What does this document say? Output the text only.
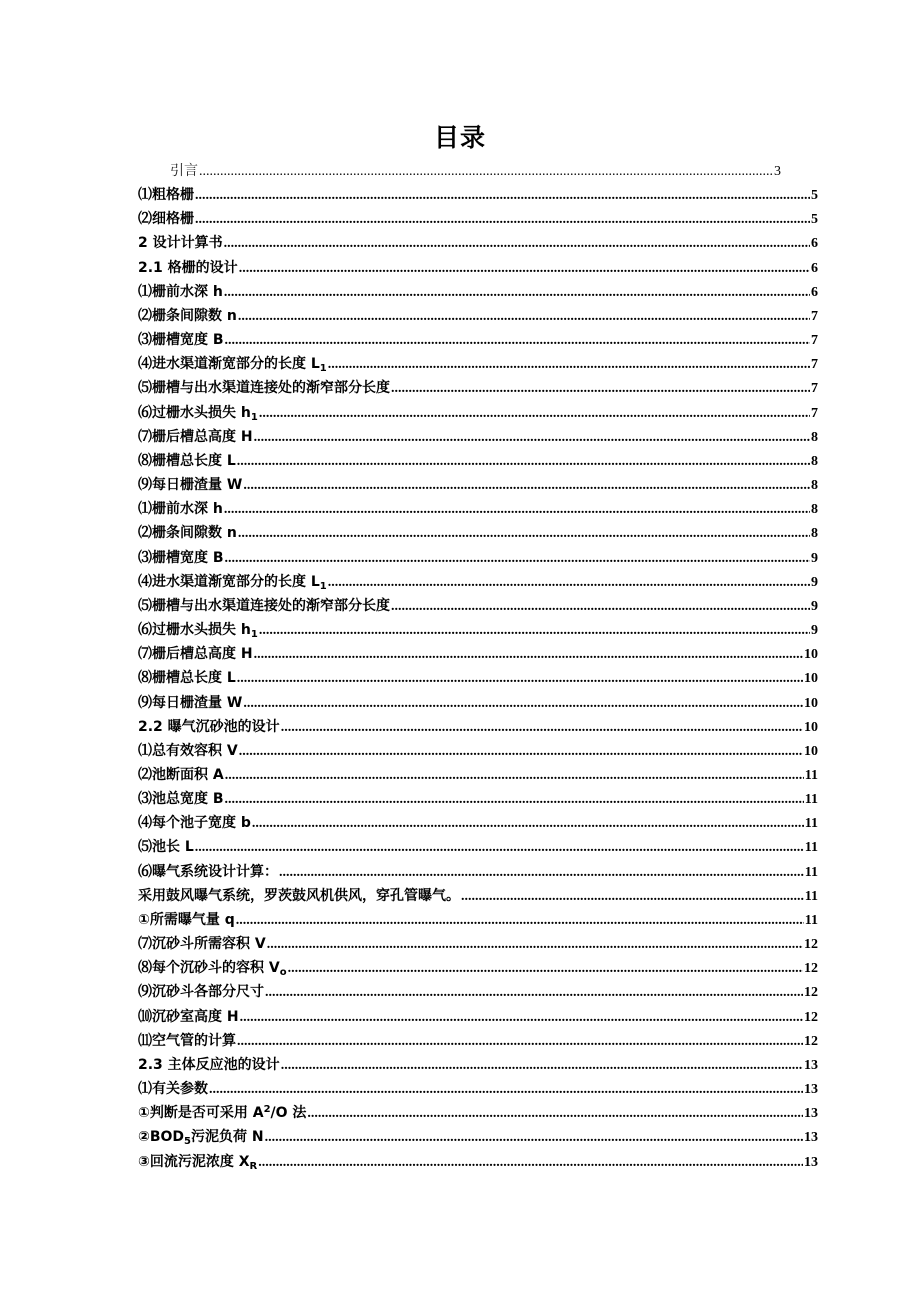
目录
引言 .....	3
⑴粗格栅 .....	5
⑵细格栅 .....	5
2 设计计算书 .....	6
2.1 格栅的设计 .....	6
⑴栅前水深 h .....	6
⑵栅条间隙数 n .....	7
⑶栅槽宽度 B .....	7
⑷进水渠道渐宽部分的长度 $L_1$ .....	7
⑸栅槽与出水渠道连接处的渐窄部分长度 .....	7
⑹过栅水头损失 $h_1$ .....	7
⑺栅后槽总高度 H .....	8
⑻栅槽总长度 L .....	8
⑼每日栅渣量 W .....	8
⑴栅前水深 h .....	8
⑵栅条间隙数 n .....	8
⑶栅槽宽度 B .....	9
⑷进水渠道渐宽部分的长度 $L_1$ .....	9
⑸栅槽与出水渠道连接处的渐窄部分长度 .....	9
⑹过栅水头损失 $h_1$ .....	9
⑺栅后槽总高度 H .....	10
⑻栅槽总长度 L .....	10
⑼每日栅渣量 W .....	10
2.2 曝气沉砂池的设计 .....	10
⑴总有效容积 V .....	10
⑵池断面积 A .....	11
⑶池总宽度 B .....	11
⑷每个池子宽度 b .....	11
⑸池长 L .....	11
⑹曝气系统设计计算： .....	11
采用鼓风曝气系统，罗茨鼓风机供风，穿孔管曝气。 .....	11
①所需曝气量 q .....	11
⑺沉砂斗所需容积 V .....	12
⑻每个沉砂斗的容积 $V_o$ .....	12
⑼沉砂斗各部分尺寸 .....	12
⑽沉砂室高度 H .....	12
⑾空气管的计算 .....	12
2.3 主体反应池的设计 .....	13
⑴有关参数 .....	13
①判断是否可采用 $A^2/O$ 法 .....	13
$②BOD_5$污泥负荷 N .....	13
③回流污泥浓度 $X_R$ .....	13
